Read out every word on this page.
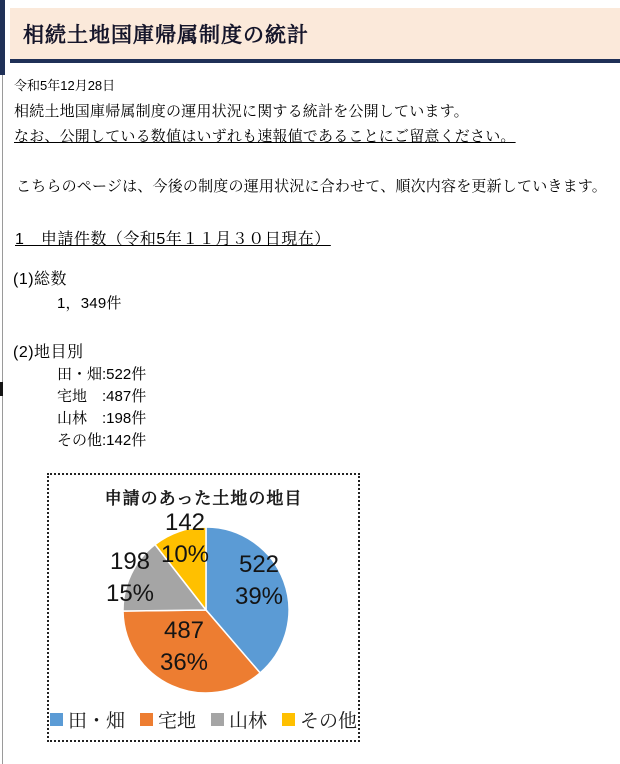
相続土地国庫帰属制度の統計
令和5年12月28日
相続土地国庫帰属制度の運用状況に関する統計を公開しています。
なお、公開している数値はいずれも速報値であることにご留意ください。
こちらのページは、今後の制度の運用状況に合わせて、順次内容を更新していきます。
1　申請件数（令和5年１１月３０日現在）
(1)総数
1，349件
(2)地目別
田・畑:522件
宅地　:487件
山林　:198件
その他:142件
申請のあった土地の地目
田・畑 宅地 山林 その他
522
39%
487
36%
198
15%
142
10%
